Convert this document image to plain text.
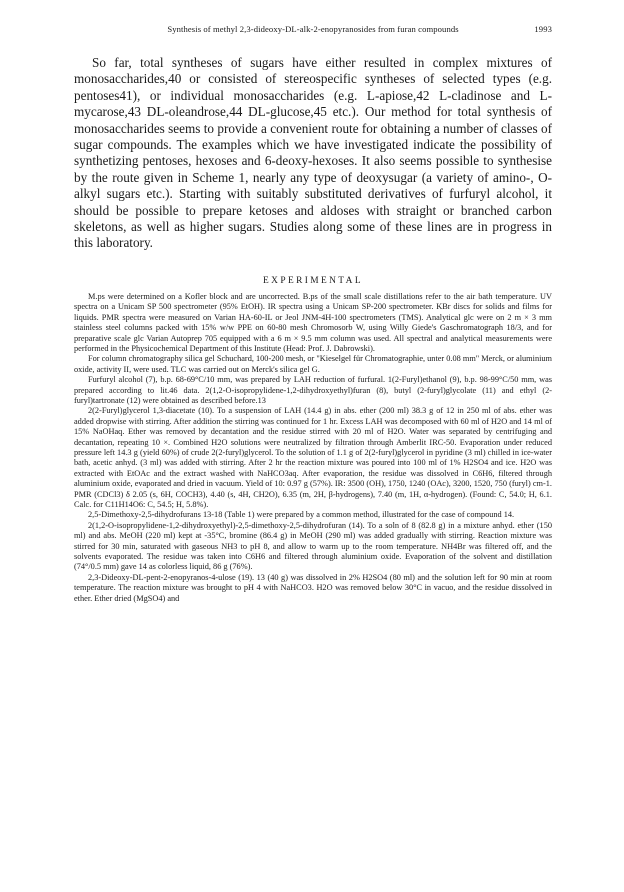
Synthesis of methyl 2,3-dideoxy-DL-alk-2-enopyranosides from furan compounds	1993

So far, total syntheses of sugars have either resulted in complex mixtures of monosaccharides,40 or consisted of stereospecific syntheses of selected types (e.g. pentoses41), or individual monosaccharides (e.g. L-apiose,42 L-cladinose and L-mycarose,43 DL-oleandrose,44 DL-glucose,45 etc.). Our method for total synthesis of monosaccharides seems to provide a convenient route for obtaining a number of classes of sugar compounds. The examples which we have investigated indicate the possibility of synthetizing pentoses, hexoses and 6-deoxy-hexoses. It also seems possible to synthesise by the route given in Scheme 1, nearly any type of deoxysugar (a variety of amino-, O-alkyl sugars etc.). Starting with suitably substituted derivatives of furfuryl alcohol, it should be possible to prepare ketoses and aldoses with straight or branched carbon skeletons, as well as higher sugars. Studies along some of these lines are in progress in this laboratory.

EXPERIMENTAL

M.ps were determined on a Kofler block and are uncorrected. B.ps of the small scale distillations refer to the air bath temperature. UV spectra on a Unicam SP 500 spectrometer (95% EtOH). IR spectra using a Unicam SP-200 spectrometer. KBr discs for solids and films for liquids. PMR spectra were measured on Varian HA-60-IL or Jeol JNM-4H-100 spectrometers (TMS). Analytical glc were on 2 m × 3 mm stainless steel columns packed with 15% w/w PPE on 60-80 mesh Chromosorb W, using Willy Giede's Gaschromatograph 18/3, and for preparative scale glc Varian Autoprep 705 equipped with a 6 m × 9.5 mm column was used. All spectral and analytical measurements were performed in the Physicochemical Department of this Institute (Head: Prof. J. Dabrowski).

For column chromatography silica gel Schuchard, 100-200 mesh, or "Kieselgel für Chromatographie, unter 0.08 mm" Merck, or aluminium oxide, activity II, were used. TLC was carried out on Merck's silica gel G.

Furfuryl alcohol (7), b.p. 68-69°C/10 mm, was prepared by LAH reduction of furfural. 1(2-Furyl)ethanol (9), b.p. 98-99°C/50 mm, was prepared according to lit.46 data. 2(1,2-O-isopropylidene-1,2-dihydroxyethyl)furan (8), butyl (2-furyl)glycolate (11) and ethyl (2-furyl)tartronate (12) were obtained as described before.13

2(2-Furyl)glycerol 1,3-diacetate (10). To a suspension of LAH (14.4 g) in abs. ether (200 ml) 38.3 g of 12 in 250 ml of abs. ether was added dropwise with stirring. After addition the stirring was continued for 1 hr. Excess LAH was decomposed with 60 ml of H2O and 14 ml of 15% NaOHaq. Ether was removed by decantation and the residue stirred with 20 ml of H2O. Water was separated by centrifuging and decantation, repeating 10 ×. Combined H2O solutions were neutralized by filtration through Amberlit IRC-50. Evaporation under reduced pressure left 14.3 g (yield 60%) of crude 2(2-furyl)glycerol. To the solution of 1.1 g of 2(2-furyl)glycerol in pyridine (3 ml) chilled in ice-water bath, acetic anhyd. (3 ml) was added with stirring. After 2 hr the reaction mixture was poured into 100 ml of 1% H2SO4 and ice. H2O was extracted with EtOAc and the extract washed with NaHCO3aq. After evaporation, the residue was dissolved in C6H6, filtered through aluminium oxide, evaporated and dried in vacuum. Yield of 10: 0.97 g (57%). IR: 3500 (OH), 1750, 1240 (OAc), 3200, 1520, 750 (furyl) cm-1. PMR (CDCl3) δ 2.05 (s, 6H, COCH3), 4.40 (s, 4H, CH2O), 6.35 (m, 2H, β-hydrogens), 7.40 (m, 1H, α-hydrogen). (Found: C, 54.0; H, 6.1. Calc. for C11H14O6: C, 54.5; H, 5.8%).

2,5-Dimethoxy-2,5-dihydrofurans 13-18 (Table 1) were prepared by a common method, illustrated for the case of compound 14.

2(1,2-O-isopropylidene-1,2-dihydroxyethyl)-2,5-dimethoxy-2,5-dihydrofuran (14). To a soln of 8 (82.8 g) in a mixture anhyd. ether (150 ml) and abs. MeOH (220 ml) kept at -35°C, bromine (86.4 g) in MeOH (290 ml) was added gradually with stirring. Reaction mixture was stirred for 30 min, saturated with gaseous NH3 to pH 8, and allow to warm up to the room temperature. NH4Br was filtered off, and the solvents evaporated. The residue was taken into C6H6 and filtered through aluminium oxide. Evaporation of the solvent and distillation (74°/0.5 mm) gave 14 as colorless liquid, 86 g (76%).

2,3-Dideoxy-DL-pent-2-enopyranos-4-ulose (19). 13 (40 g) was dissolved in 2% H2SO4 (80 ml) and the solution left for 90 min at room temperature. The reaction mixture was brought to pH 4 with NaHCO3. H2O was removed below 30°C in vacuo, and the residue dissolved in ether. Ether dried (MgSO4) and
